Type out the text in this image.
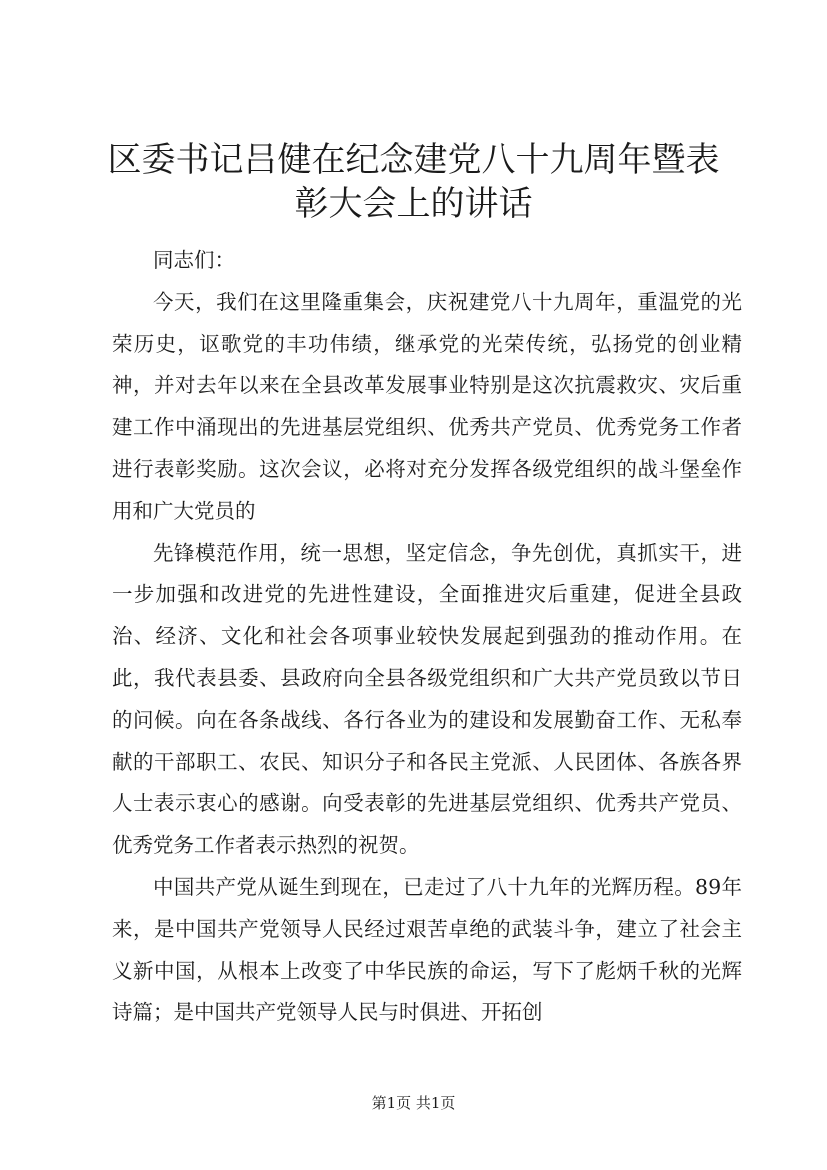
区委书记吕健在纪念建党八十九周年暨表彰大会上的讲话

同志们：

今天，我们在这里隆重集会，庆祝建党八十九周年，重温党的光荣历史，讴歌党的丰功伟绩，继承党的光荣传统，弘扬党的创业精神，并对去年以来在全县改革发展事业特别是这次抗震救灾、灾后重建工作中涌现出的先进基层党组织、优秀共产党员、优秀党务工作者进行表彰奖励。这次会议，必将对充分发挥各级党组织的战斗堡垒作用和广大党员的

先锋模范作用，统一思想，坚定信念，争先创优，真抓实干，进一步加强和改进党的先进性建设，全面推进灾后重建，促进全县政治、经济、文化和社会各项事业较快发展起到强劲的推动作用。在此，我代表县委、县政府向全县各级党组织和广大共产党员致以节日的问候。向在各条战线、各行各业为的建设和发展勤奋工作、无私奉献的干部职工、农民、知识分子和各民主党派、人民团体、各族各界人士表示衷心的感谢。向受表彰的先进基层党组织、优秀共产党员、优秀党务工作者表示热烈的祝贺。

中国共产党从诞生到现在，已走过了八十九年的光辉历程。89年来，是中国共产党领导人民经过艰苦卓绝的武装斗争，建立了社会主义新中国，从根本上改变了中华民族的命运，写下了彪炳千秋的光辉诗篇；是中国共产党领导人民与时俱进、开拓创

第1页 共1页
